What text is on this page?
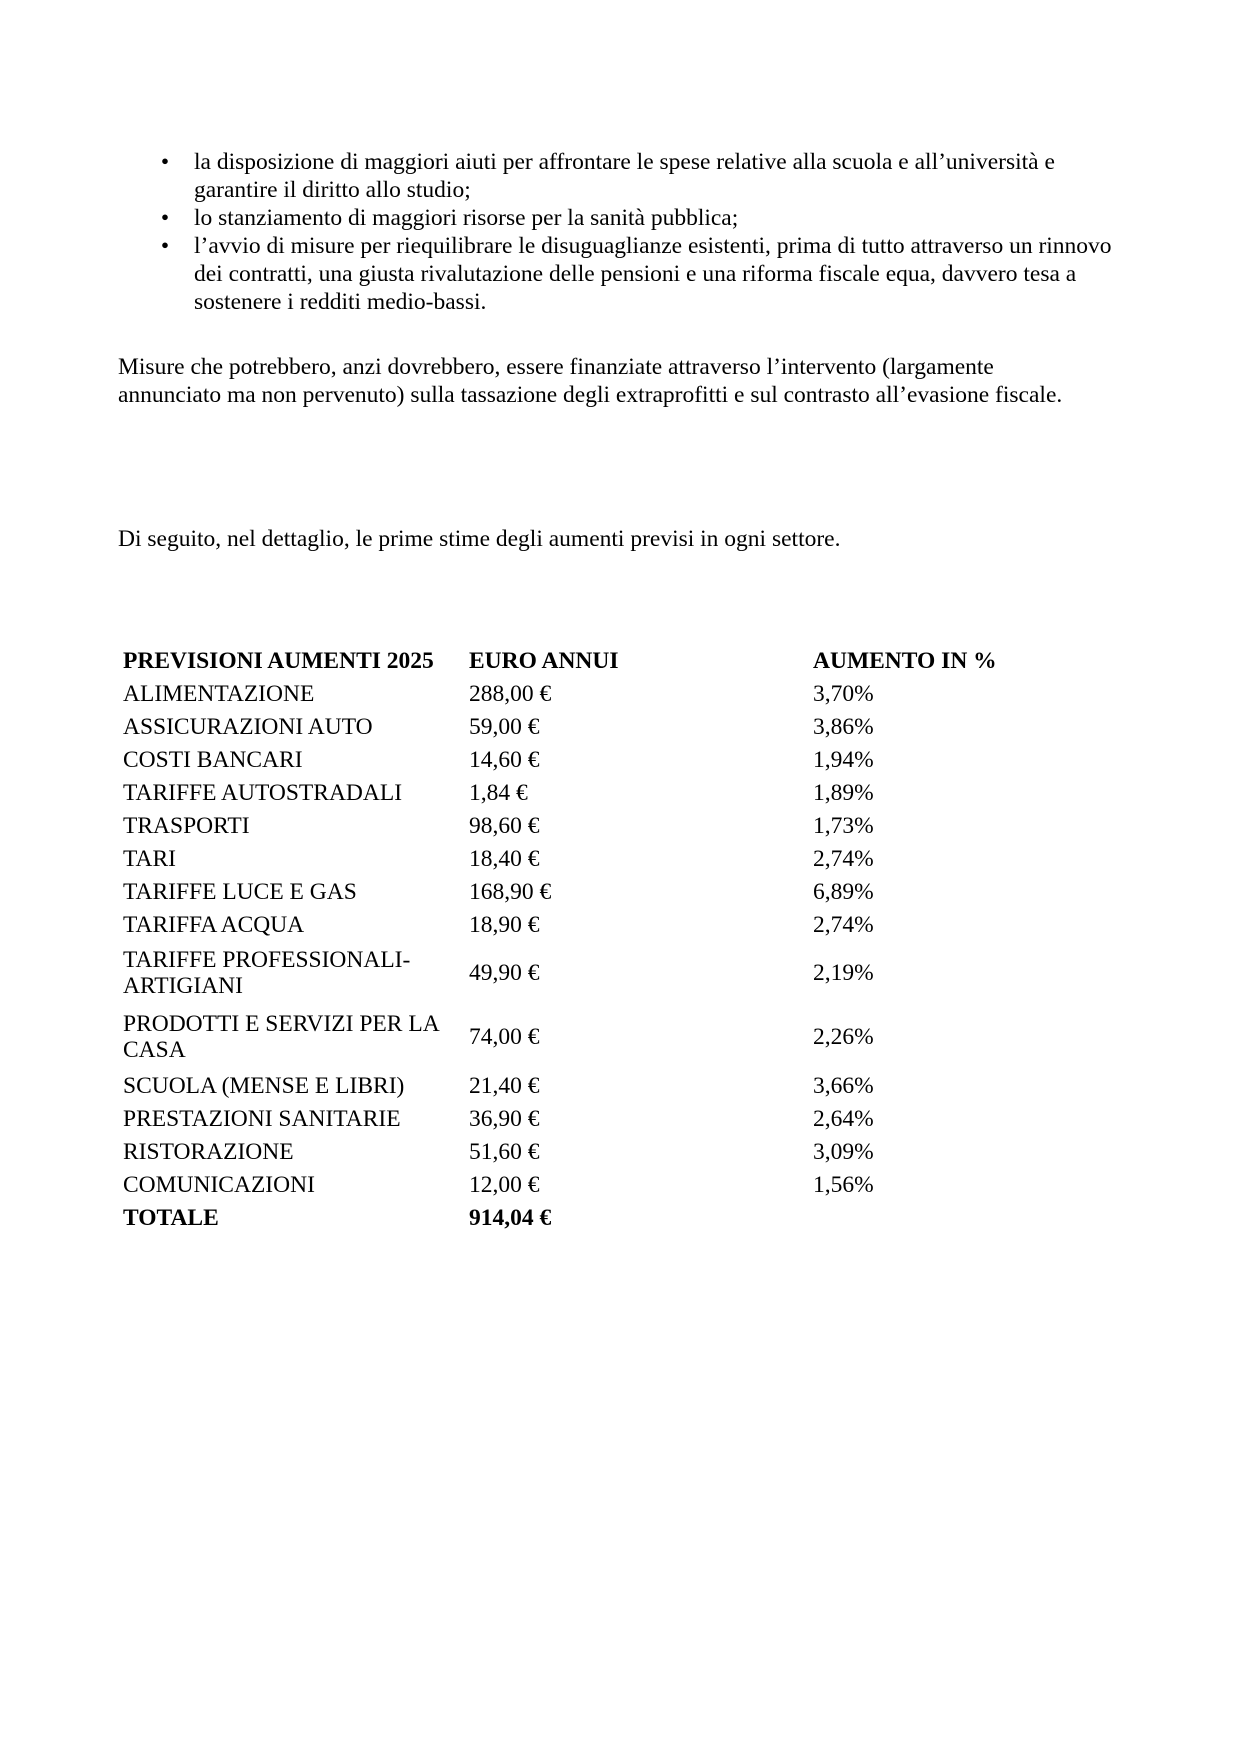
• la disposizione di maggiori aiuti per affrontare le spese relative alla scuola e all’università e garantire il diritto allo studio;
• lo stanziamento di maggiori risorse per la sanità pubblica;
• l’avvio di misure per riequilibrare le disuguaglianze esistenti, prima di tutto attraverso un rinnovo dei contratti, una giusta rivalutazione delle pensioni e una riforma fiscale equa, davvero tesa a sostenere i redditi medio-bassi.

Misure che potrebbero, anzi dovrebbero, essere finanziate attraverso l’intervento (largamente annunciato ma non pervenuto) sulla tassazione degli extraprofitti e sul contrasto all’evasione fiscale.

Di seguito, nel dettaglio, le prime stime degli aumenti previsi in ogni settore.

PREVISIONI AUMENTI 2025	EURO ANNUI	AUMENTO IN %
ALIMENTAZIONE	288,00 €	3,70%
ASSICURAZIONI AUTO	59,00 €	3,86%
COSTI BANCARI	14,60 €	1,94%
TARIFFE AUTOSTRADALI	1,84 €	1,89%
TRASPORTI	98,60 €	1,73%
TARI	18,40 €	2,74%
TARIFFE LUCE E GAS	168,90 €	6,89%
TARIFFA ACQUA	18,90 €	2,74%
TARIFFE PROFESSIONALI-ARTIGIANI	49,90 €	2,19%
PRODOTTI E SERVIZI PER LA CASA	74,00 €	2,26%
SCUOLA (MENSE E LIBRI)	21,40 €	3,66%
PRESTAZIONI SANITARIE	36,90 €	2,64%
RISTORAZIONE	51,60 €	3,09%
COMUNICAZIONI	12,00 €	1,56%
TOTALE	914,04 €	
